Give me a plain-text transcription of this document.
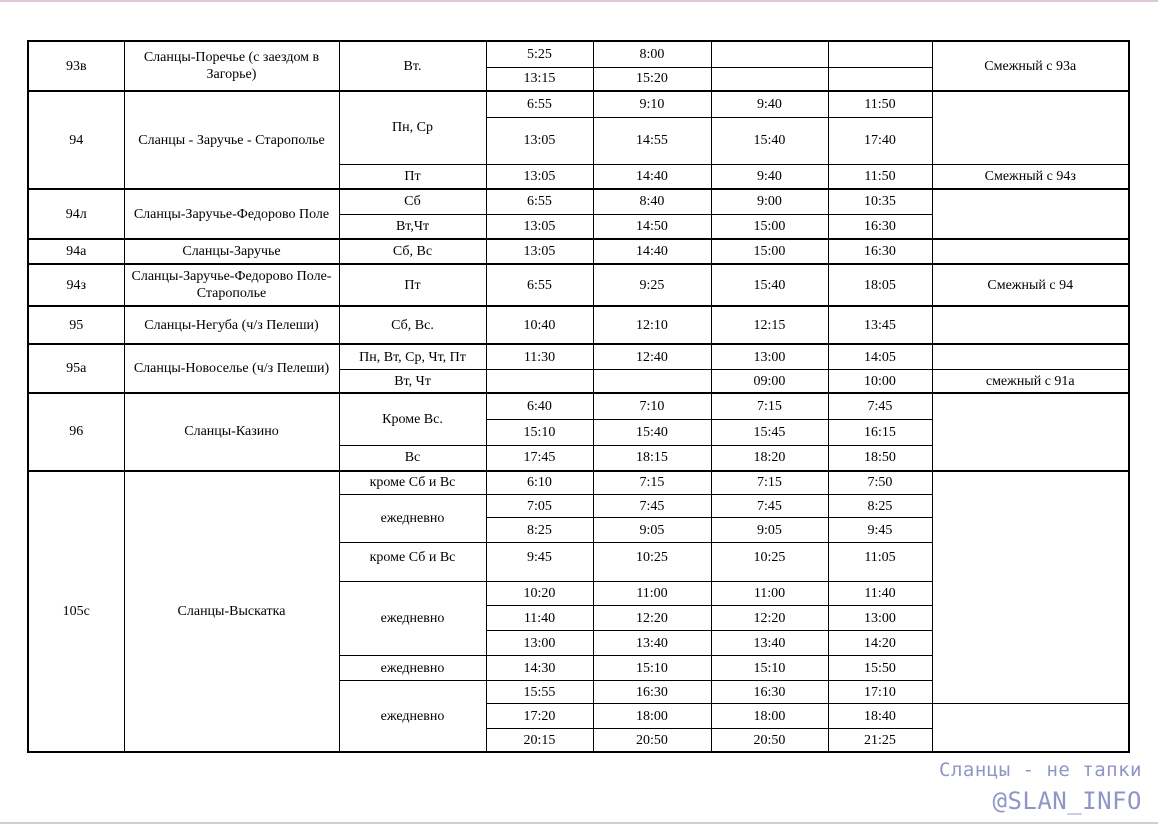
93в	Сланцы-Поречье (с заездом в Загорье)	Вт.	5:25	8:00			Смежный с 93а
			13:15	15:20			
94	Сланцы - Заручье - Старополье	Пн, Ср	6:55	9:10	9:40	11:50	
			13:05	14:55	15:40	17:40	
		Пт	13:05	14:40	9:40	11:50	Смежный с 94з
94л	Сланцы-Заручье-Федорово Поле	Сб	6:55	8:40	9:00	10:35	
		Вт,Чт	13:05	14:50	15:00	16:30	
94а	Сланцы-Заручье	Сб, Вс	13:05	14:40	15:00	16:30	
94з	Сланцы-Заручье-Федорово Поле-Старополье	Пт	6:55	9:25	15:40	18:05	Смежный с 94
95	Сланцы-Негуба (ч/з Пелеши)	Сб, Вс.	10:40	12:10	12:15	13:45	
95а	Сланцы-Новоселье (ч/з Пелеши)	Пн, Вт, Ср, Чт, Пт	11:30	12:40	13:00	14:05	
		Вт, Чт			09:00	10:00	смежный с 91а
96	Сланцы-Казино	Кроме Вс.	6:40	7:10	7:15	7:45	
			15:10	15:40	15:45	16:15	
		Вс	17:45	18:15	18:20	18:50	
105с	Сланцы-Выскатка	кроме Сб и Вс	6:10	7:15	7:15	7:50	
		ежедневно	7:05	7:45	7:45	8:25	
			8:25	9:05	9:05	9:45	
		кроме Сб и Вс	9:45	10:25	10:25	11:05	
		ежедневно	10:20	11:00	11:00	11:40	
			11:40	12:20	12:20	13:00	
			13:00	13:40	13:40	14:20	
		ежедневно	14:30	15:10	15:10	15:50	
		ежедневно	15:55	16:30	16:30	17:10	
			17:20	18:00	18:00	18:40	
			20:15	20:50	20:50	21:25	
Сланцы - не тапки
@SLAN_INFO
